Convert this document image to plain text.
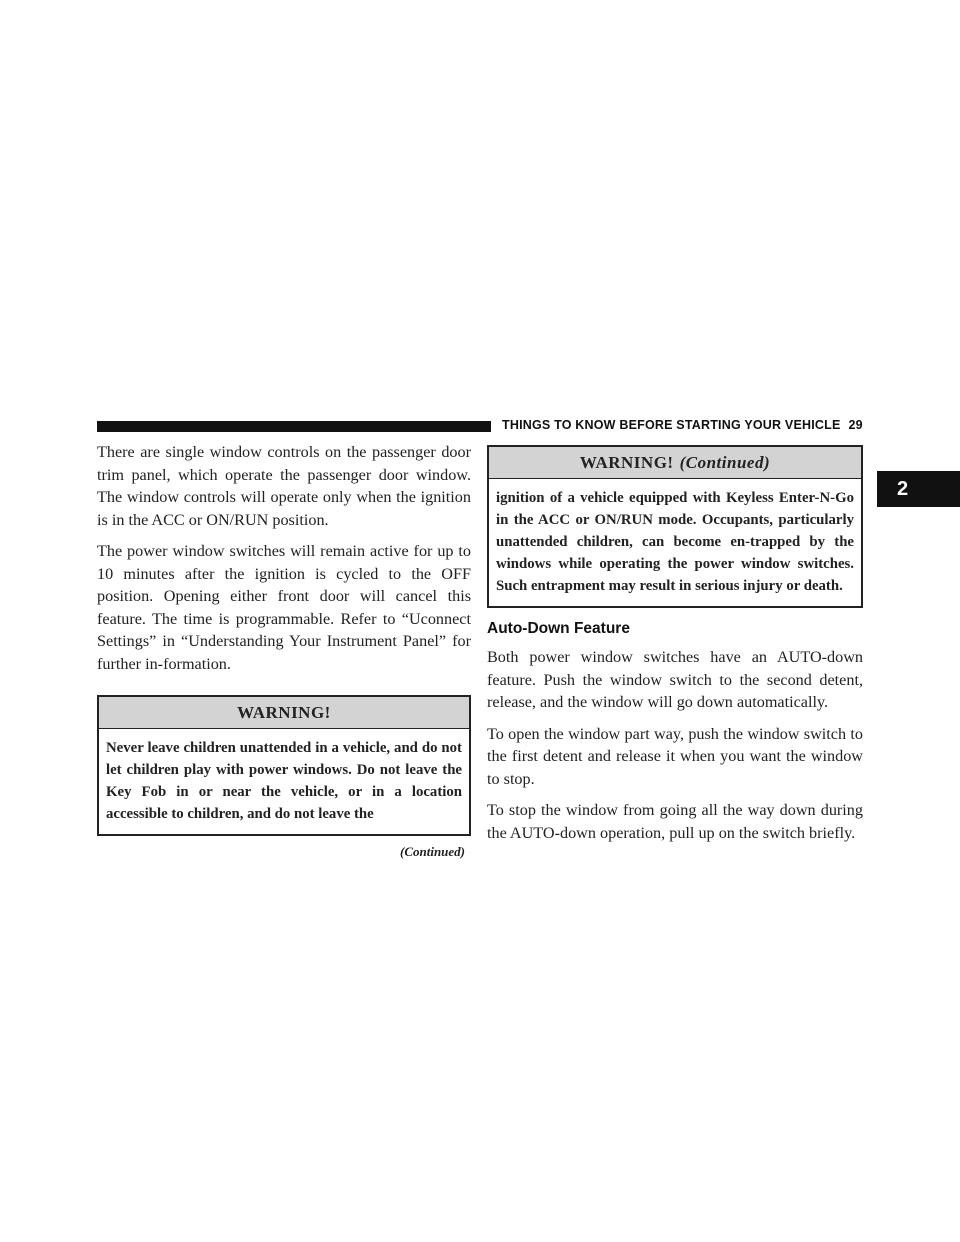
THINGS TO KNOW BEFORE STARTING YOUR VEHICLE 29
2

There are single window controls on the passenger door trim panel, which operate the passenger door window. The window controls will operate only when the ignition is in the ACC or ON/RUN position.

The power window switches will remain active for up to 10 minutes after the ignition is cycled to the OFF position. Opening either front door will cancel this feature. The time is programmable. Refer to “Uconnect Settings” in “Understanding Your Instrument Panel” for further in-formation.

WARNING!
Never leave children unattended in a vehicle, and do not let children play with power windows. Do not leave the Key Fob in or near the vehicle, or in a location accessible to children, and do not leave the
(Continued)
WARNING! (Continued)
ignition of a vehicle equipped with Keyless Enter-N-Go in the ACC or ON/RUN mode. Occupants, particularly unattended children, can become en-trapped by the windows while operating the power window switches. Such entrapment may result in serious injury or death.
Auto-Down Feature

Both power window switches have an AUTO-down feature. Push the window switch to the second detent, release, and the window will go down automatically.

To open the window part way, push the window switch to the first detent and release it when you want the window to stop.

To stop the window from going all the way down during the AUTO-down operation, pull up on the switch briefly.
